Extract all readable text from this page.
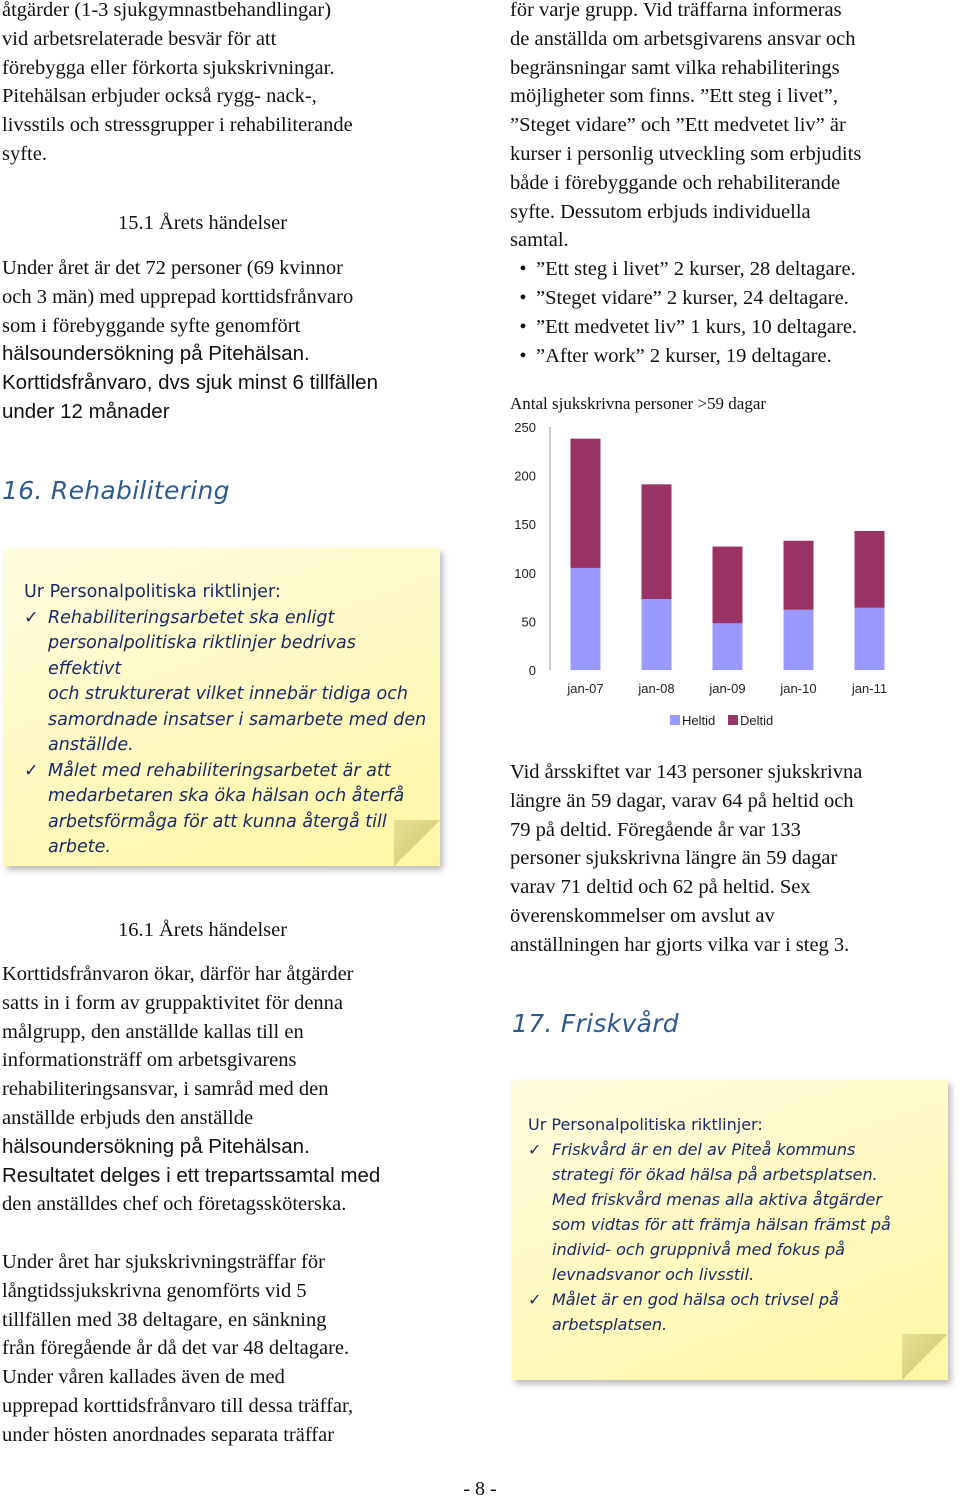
åtgärder (1-3 sjukgymnastbehandlingar)
vid arbetsrelaterade besvär för att
förebygga eller förkorta sjukskrivningar.
Pitehälsan erbjuder också rygg- nack-,
livsstils och stressgrupper i rehabiliterande
syfte.
15.1 Årets händelser
Under året är det 72 personer (69 kvinnor
och 3 män) med upprepad korttidsfrånvaro
som i förebyggande syfte genomfört
hälsoundersökning på Pitehälsan.
Korttidsfrånvaro, dvs sjuk minst 6 tillfällen
under 12 månader
16. Rehabilitering
Ur Personalpolitiska riktlinjer:
✓ Rehabiliteringsarbetet ska enligt
personalpolitiska riktlinjer bedrivas effektivt
och strukturerat vilket innebär tidiga och
samordnade insatser i samarbete med den
anställde.
✓ Målet med rehabiliteringsarbetet är att
medarbetaren ska öka hälsan och återfå
arbetsförmåga för att kunna återgå till
arbete.
16.1 Årets händelser
Korttidsfrånvaron ökar, därför har åtgärder
satts in i form av gruppaktivitet för denna
målgrupp, den anställde kallas till en
informationsträff om arbetsgivarens
rehabiliteringsansvar, i samråd med den
anställde erbjuds den anställde
hälsoundersökning på Pitehälsan.
Resultatet delges i ett trepartssamtal med
den anställdes chef och företagssköterska.
Under året har sjukskrivningsträffar för
långtidssjukskrivna genomförts vid 5
tillfällen med 38 deltagare, en sänkning
från föregående år då det var 48 deltagare.
Under våren kallades även de med
upprepad korttidsfrånvaro till dessa träffar,
under hösten anordnades separata träffar
för varje grupp. Vid träffarna informeras
de anställda om arbetsgivarens ansvar och
begränsningar samt vilka rehabiliterings
möjligheter som finns. ”Ett steg i livet”,
”Steget vidare” och ”Ett medvetet liv” är
kurser i personlig utveckling som erbjudits
både i förebyggande och rehabiliterande
syfte. Dessutom erbjuds individuella
samtal.
• ”Ett steg i livet” 2 kurser, 28 deltagare.
• ”Steget vidare” 2 kurser, 24 deltagare.
• ”Ett medvetet liv” 1 kurs, 10 deltagare.
• ”After work” 2 kurser, 19 deltagare.
Antal sjukskrivna personer >59 dagar
0
50
100
150
200
250
jan-07	jan-08	jan-09	jan-10	jan-11
Heltid Deltid
Vid årsskiftet var 143 personer sjukskrivna
längre än 59 dagar, varav 64 på heltid och
79 på deltid. Föregående år var 133
personer sjukskrivna längre än 59 dagar
varav 71 deltid och 62 på heltid. Sex
överenskommelser om avslut av
anställningen har gjorts vilka var i steg 3.
17. Friskvård
Ur Personalpolitiska riktlinjer:
✓ Friskvård är en del av Piteå kommuns
strategi för ökad hälsa på arbetsplatsen.
Med friskvård menas alla aktiva åtgärder
som vidtas för att främja hälsan främst på
individ- och gruppnivå med fokus på
levnadsvanor och livsstil.
✓ Målet är en god hälsa och trivsel på
arbetsplatsen.
- 8 -
